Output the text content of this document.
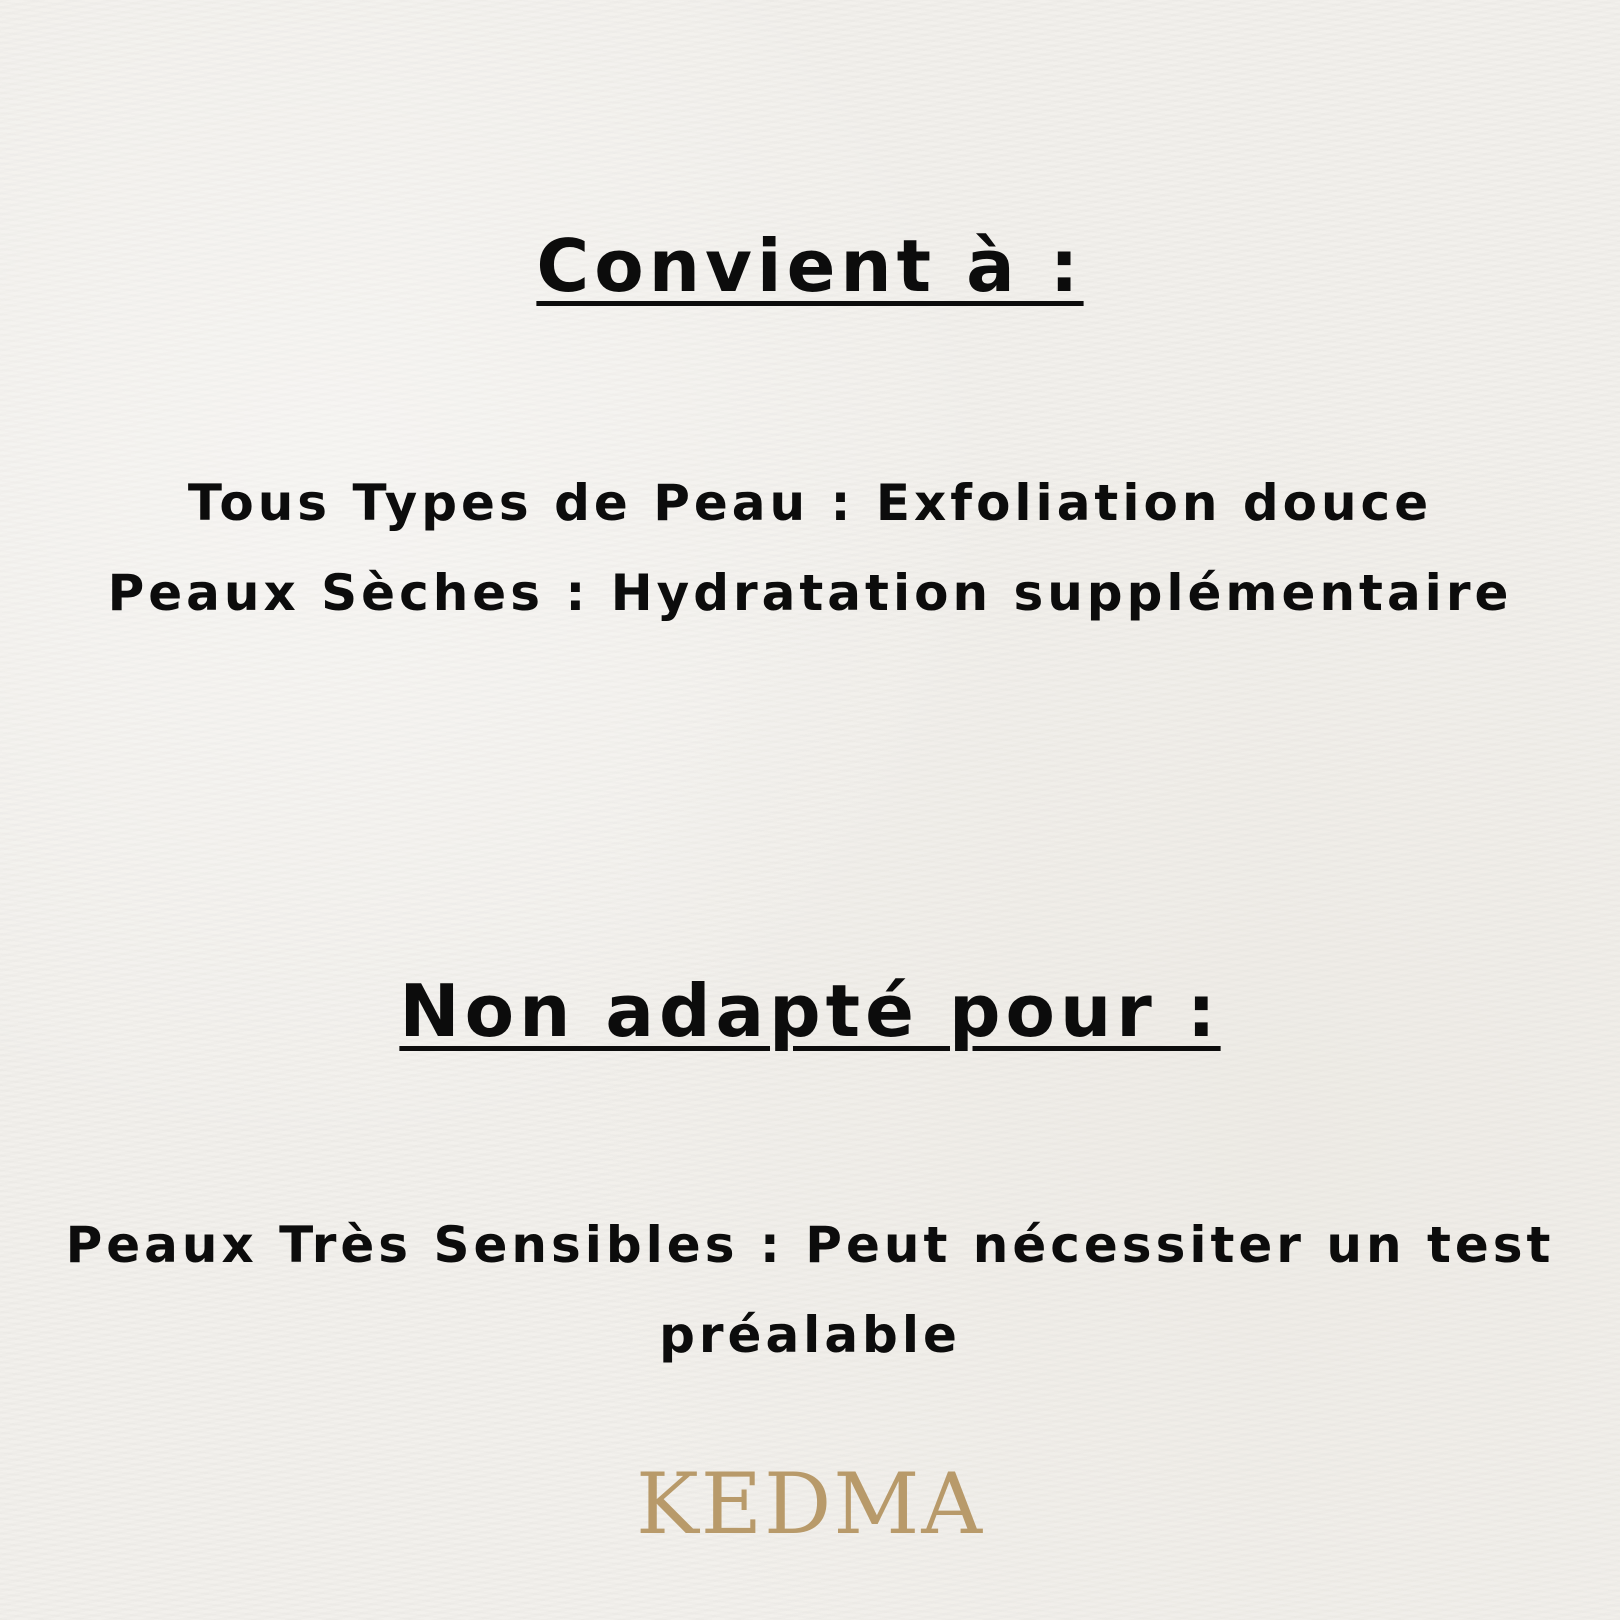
Convient à :

Tous Types de Peau : Exfoliation douce

Peaux Sèches : Hydratation supplémentaire

Non adapté pour :

Peaux Très Sensibles : Peut nécessiter un test

préalable

KEDMA
